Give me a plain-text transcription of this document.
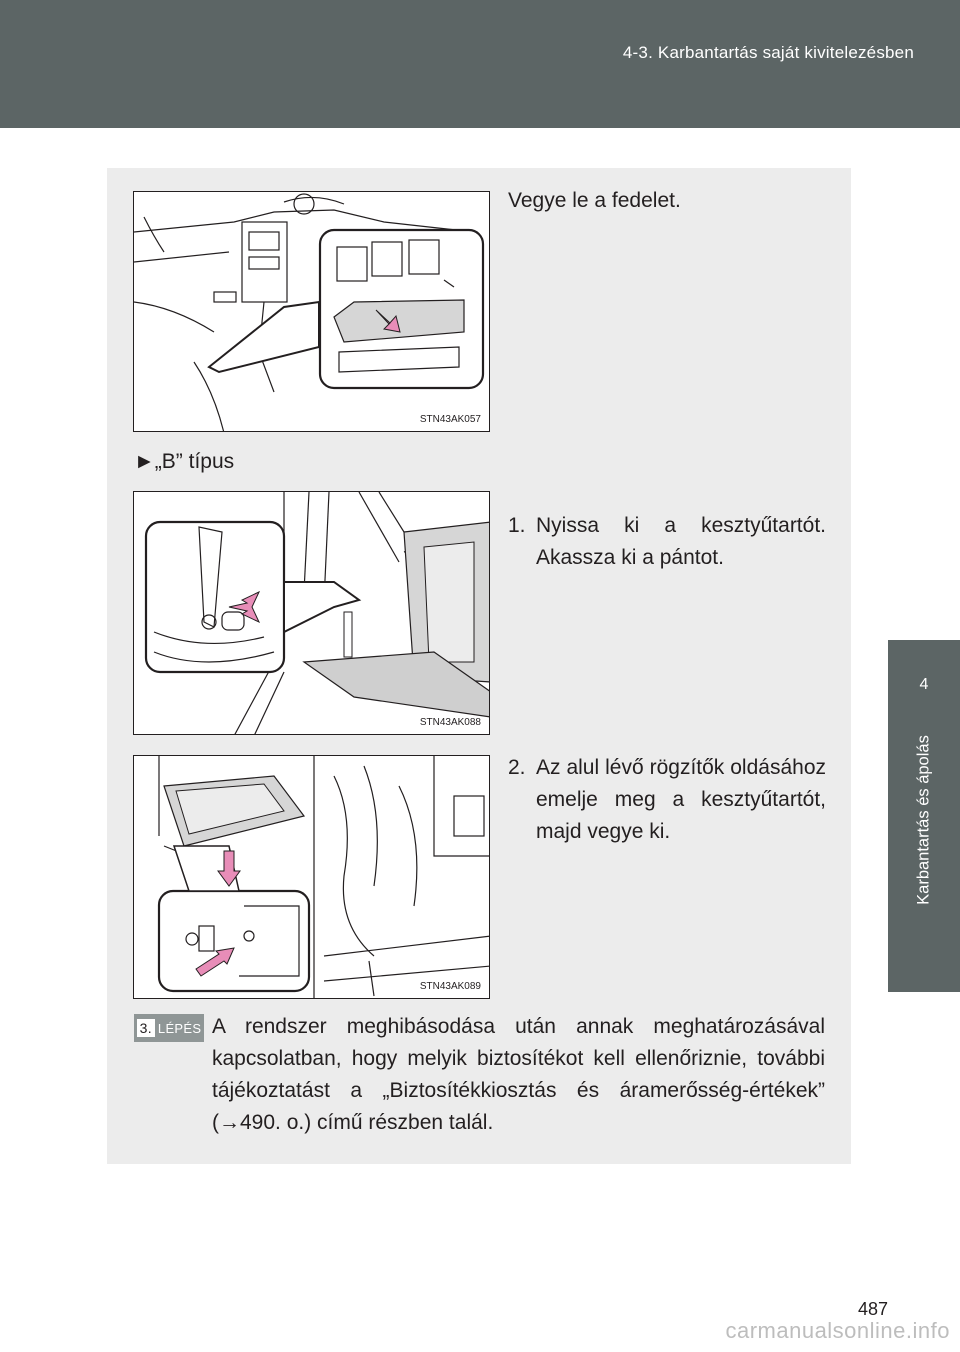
4-3. Karbantartás saját kivitelezésben
4
Karbantartás és ápolás
STN43AK057
Vegye le a fedelet.
►„B” típus
STN43AK088
1. Nyissa ki a kesztyűtartót. Akassza ki a pántot.
STN43AK089
2. Az alul lévő rögzítők oldásához emelje meg a kesztyűtartót, majd vegye ki.
3. LÉPÉS A rendszer meghibásodása után annak meghatározásával kapcsolatban, hogy melyik biztosítékot kell ellenőriznie, további tájékoztatást a „Biztosítékkiosztás és áramerősség-értékek” (→490. o.) című részben talál.
487
carmanualsonline.info
